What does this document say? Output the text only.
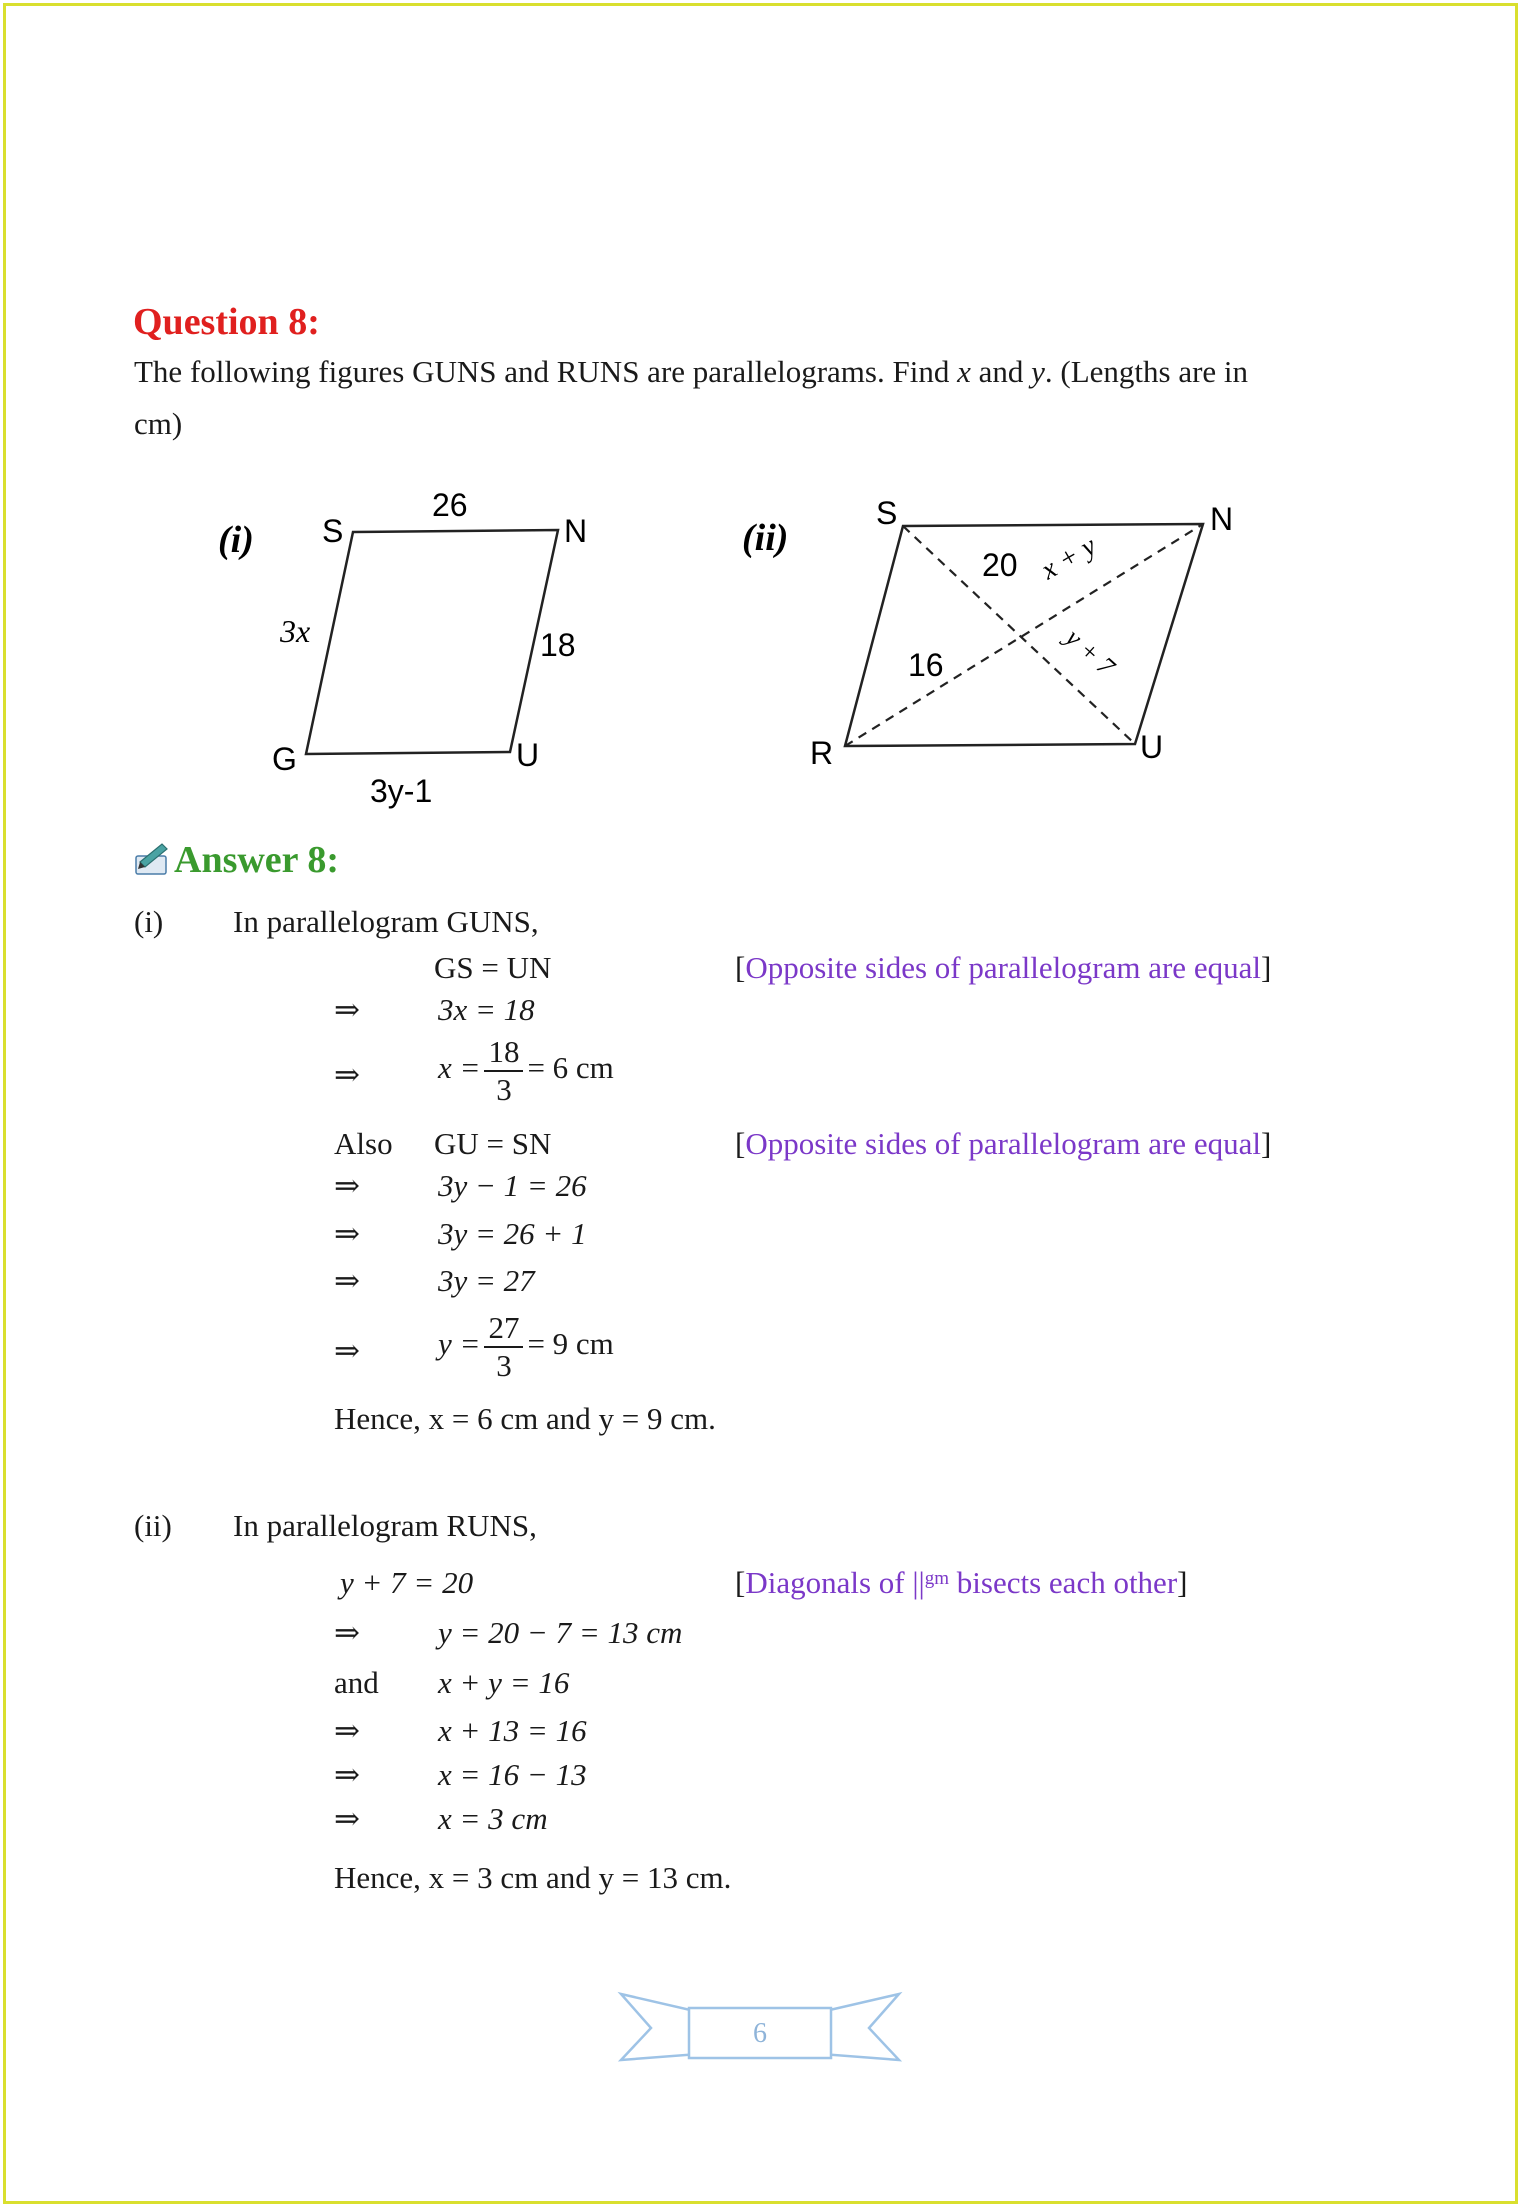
Question 8:
The following figures GUNS and RUNS are parallelograms. Find x and y. (Lengths are in
cm)
(i) S	N
G	U
26
3x	18
3y-1
(ii)
S	N
R	U
20 x + y
16	y + 7
Answer 8:
(i) In parallelogram GUNS,
GS = UN	[Opposite sides of parallelogram are equal]
⇒	3x = 18
⇒	$x = \frac{18}{3} = 6$ cm
Also GU = SN	[Opposite sides of parallelogram are equal]
⇒	3y − 1 = 26
⇒	3y = 26 + 1
⇒	3y = 27
⇒	$y = \frac{27}{3} = 9$ cm
Hence, x = 6 cm and y = 9 cm.
(ii) In parallelogram RUNS,
y + 7 = 20	[Diagonals of $||^{gm}$ bisects each other]
⇒	y = 20 − 7 = 13 cm
and x + y = 16
⇒	x + 13 = 16
⇒	x = 16 − 13
⇒	x = 3 cm
Hence, x = 3 cm and y = 13 cm.
6
